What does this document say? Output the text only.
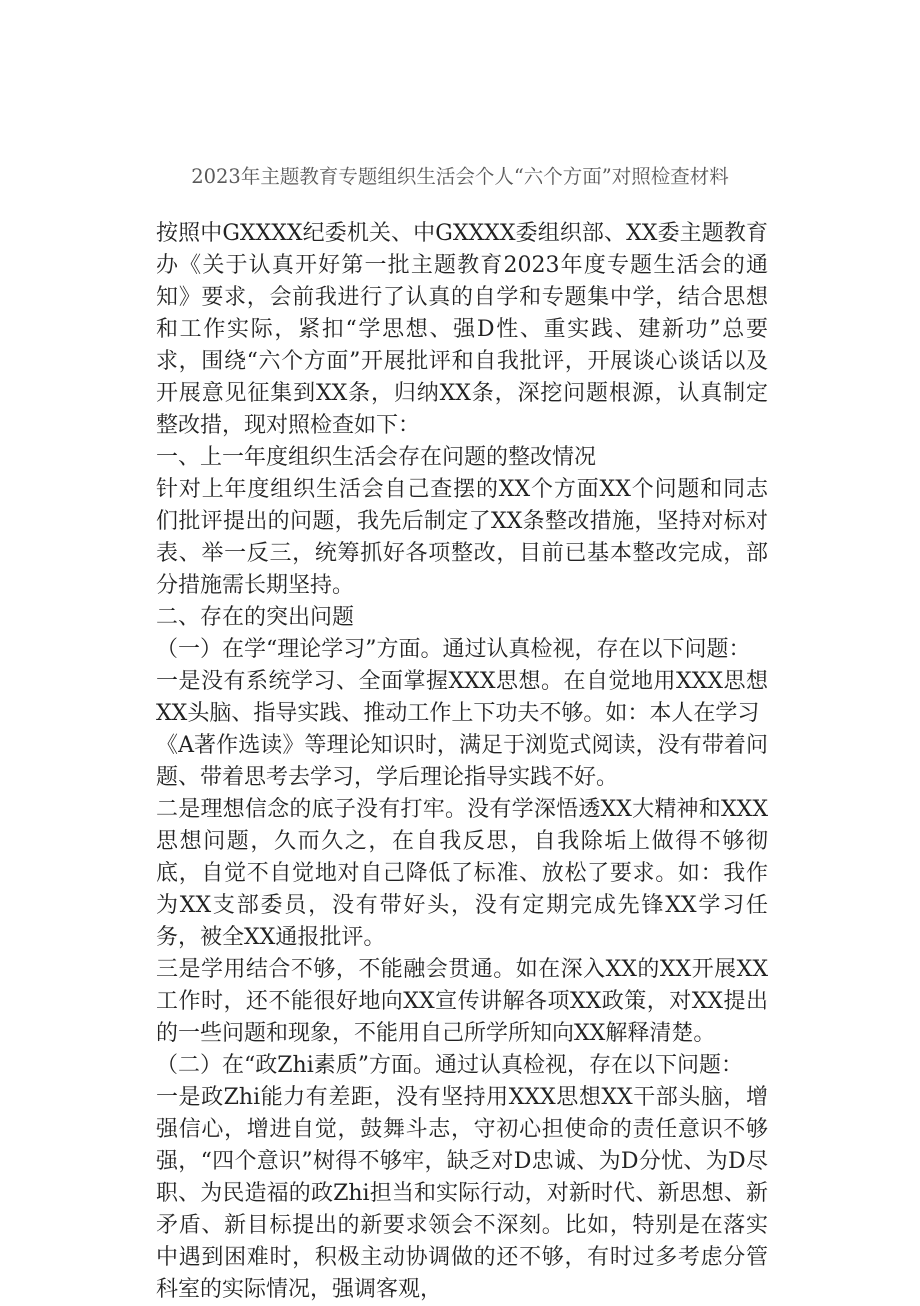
2023年主题教育专题组织生活会个人“六个方面”对照检查材料

按照中GXXXX纪委机关、中GXXXX委组织部、XX委主题教育办《关于认真开好第一批主题教育2023年度专题生活会的通知》要求，会前我进行了认真的自学和专题集中学，结合思想和工作实际，紧扣“学思想、强D性、重实践、建新功”总要求，围绕“六个方面”开展批评和自我批评，开展谈心谈话以及开展意见征集到XX条，归纳XX条，深挖问题根源，认真制定整改措，现对照检查如下：

一、上一年度组织生活会存在问题的整改情况

针对上年度组织生活会自己查摆的XX个方面XX个问题和同志们批评提出的问题，我先后制定了XX条整改措施，坚持对标对表、举一反三，统筹抓好各项整改，目前已基本整改完成，部分措施需长期坚持。

二、存在的突出问题

（一）在学“理论学习”方面。通过认真检视，存在以下问题：

一是没有系统学习、全面掌握XXX思想。在自觉地用XXX思想XX头脑、指导实践、推动工作上下功夫不够。如：本人在学习

《A著作选读》等理论知识时，满足于浏览式阅读，没有带着问题、带着思考去学习，学后理论指导实践不好。

二是理想信念的底子没有打牢。没有学深悟透XX大精神和XXX思想问题，久而久之，在自我反思，自我除垢上做得不够彻底，自觉不自觉地对自己降低了标准、放松了要求。如：我作为XX支部委员，没有带好头，没有定期完成先锋XX学习任务，被全XX通报批评。

三是学用结合不够，不能融会贯通。如在深入XX的XX开展XX工作时，还不能很好地向XX宣传讲解各项XX政策，对XX提出的一些问题和现象，不能用自己所学所知向XX解释清楚。

（二）在“政Zhi素质”方面。通过认真检视，存在以下问题：

一是政Zhi能力有差距，没有坚持用XXX思想XX干部头脑，增强信心，增进自觉，鼓舞斗志，守初心担使命的责任意识不够强，“四个意识”树得不够牢，缺乏对D忠诚、为D分忧、为D尽职、为民造福的政Zhi担当和实际行动，对新时代、新思想、新矛盾、新目标提出的新要求领会不深刻。比如，特别是在落实中遇到困难时，积极主动协调做的还不够，有时过多考虑分管科室的实际情况，强调客观，
